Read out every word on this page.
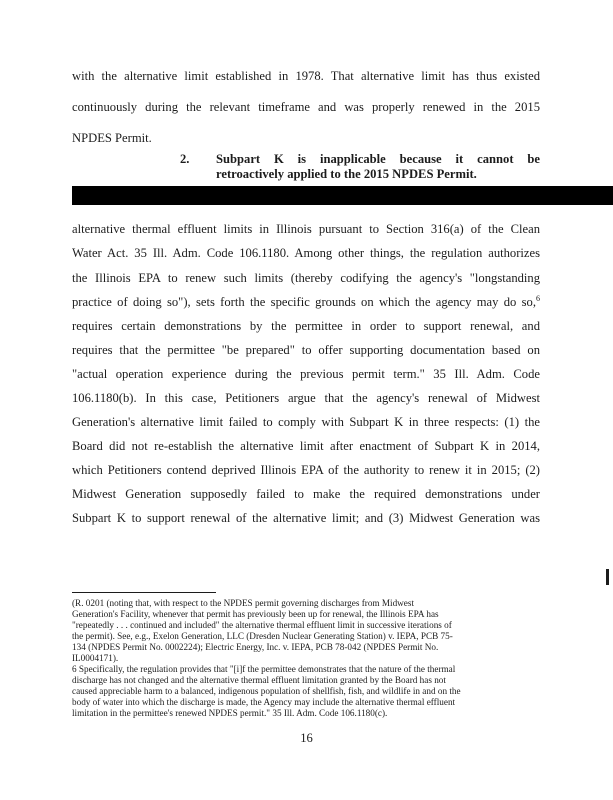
with the alternative limit established in 1978. That alternative limit has thus existed
continuously during the relevant timeframe and was properly renewed in the 2015
NPDES Permit.
2. Subpart K is inapplicable because it cannot be
retroactively applied to the 2015 NPDES Permit.
alternative thermal effluent limits in Illinois pursuant to Section 316(a) of the Clean
Water Act. 35 Ill. Adm. Code 106.1180. Among other things, the regulation authorizes
the Illinois EPA to renew such limits (thereby codifying the agency's "longstanding
practice of doing so"), sets forth the specific grounds on which the agency may do so,$^6$
requires certain demonstrations by the permittee in order to support renewal, and
requires that the permittee "be prepared" to offer supporting documentation based on
"actual operation experience during the previous permit term." 35 Ill. Adm. Code
106.1180(b). In this case, Petitioners argue that the agency's renewal of Midwest
Generation's alternative limit failed to comply with Subpart K in three respects: (1) the
Board did not re-establish the alternative limit after enactment of Subpart K in 2014,
which Petitioners contend deprived Illinois EPA of the authority to renew it in 2015; (2)
Midwest Generation supposedly failed to make the required demonstrations under
Subpart K to support renewal of the alternative limit; and (3) Midwest Generation was
(R. 0201 (noting that, with respect to the NPDES permit governing discharges from Midwest
Generation's Facility, whenever that permit has previously been up for renewal, the Illinois EPA has
"repeatedly . . . continued and included" the alternative thermal effluent limit in successive iterations of
the permit). See, e.g., Exelon Generation, LLC (Dresden Nuclear Generating Station) v. IEPA, PCB 75-
134 (NPDES Permit No. 0002224); Electric Energy, Inc. v. IEPA, PCB 78-042 (NPDES Permit No.
IL0004171).
6 Specifically, the regulation provides that "[i]f the permittee demonstrates that the nature of the thermal
discharge has not changed and the alternative thermal effluent limitation granted by the Board has not
caused appreciable harm to a balanced, indigenous population of shellfish, fish, and wildlife in and on the
body of water into which the discharge is made, the Agency may include the alternative thermal effluent
limitation in the permittee's renewed NPDES permit." 35 Ill. Adm. Code 106.1180(c).
16
